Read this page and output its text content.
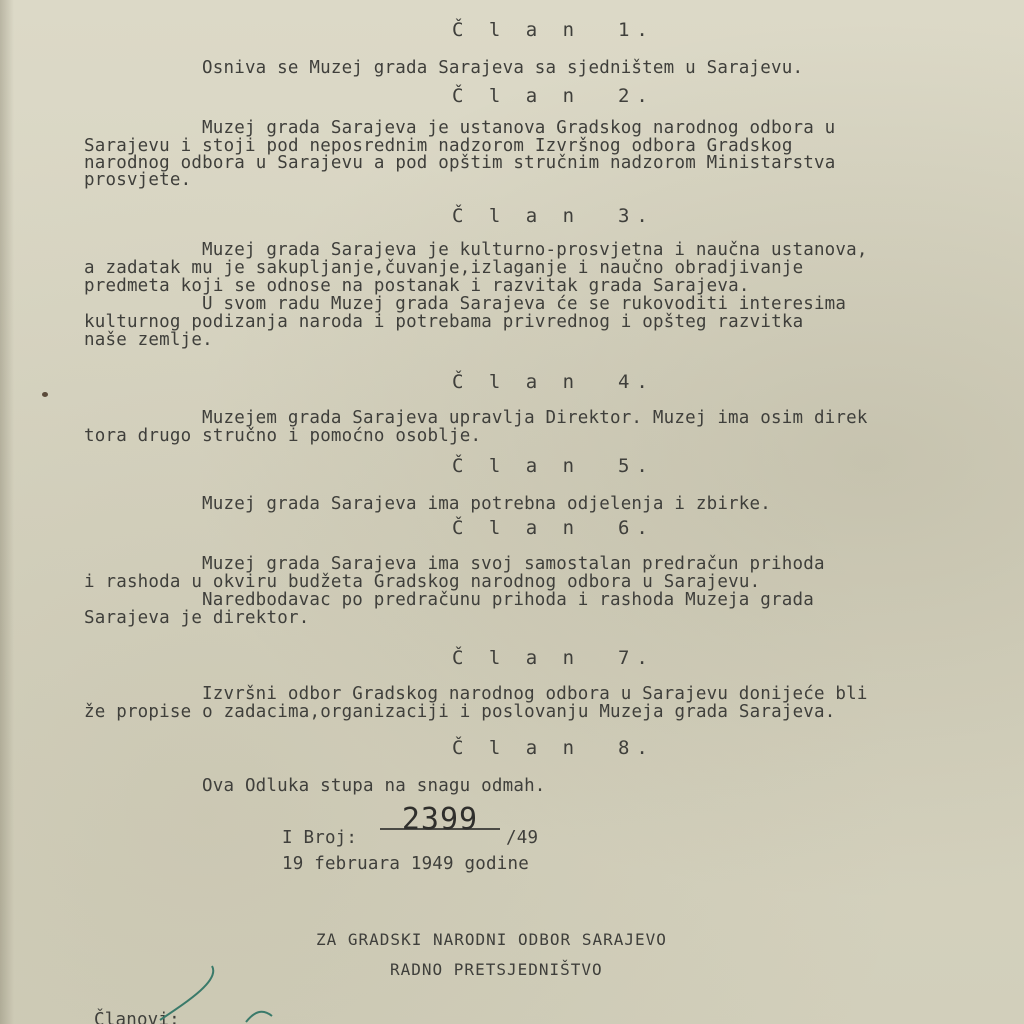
Č l a n  1.
Osniva se Muzej grada Sarajeva sa sjedništem u Sarajevu.
Č l a n  2.
Muzej grada Sarajeva je ustanova Gradskog narodnog odbora u
Sarajevu i stoji pod neposrednim nadzorom Izvršnog odbora Gradskog
narodnog odbora u Sarajevu a pod opštim stručnim nadzorom Ministarstva
prosvjete.
Č l a n  3.
Muzej grada Sarajeva je kulturno-prosvjetna i naučna ustanova,
a zadatak mu je sakupljanje,čuvanje,izlaganje i naučno obradjivanje
predmeta koji se odnose na postanak i razvitak grada Sarajeva.
U svom radu Muzej grada Sarajeva će se rukovoditi interesima
kulturnog podizanja naroda i potrebama privrednog i opšteg razvitka
naše zemlje.
Č l a n  4.
Muzejem grada Sarajeva upravlja Direktor. Muzej ima osim direk
tora drugo stručno i pomoćno osoblje.
Č l a n  5.
Muzej grada Sarajeva ima potrebna odjelenja i zbirke.
Č l a n  6.
Muzej grada Sarajeva ima svoj samostalan predračun prihoda
i rashoda u okviru budžeta Gradskog narodnog odbora u Sarajevu.
Naredbodavac po predračunu prihoda i rashoda Muzeja grada
Sarajeva je direktor.
Č l a n  7.
Izvršni odbor Gradskog narodnog odbora u Sarajevu donijeće bli
že propise o zadacima,organizaciji i poslovanju Muzeja grada Sarajeva.
Č l a n  8.
Ova Odluka stupa na snagu odmah.
I Broj:
2399
/49
19 februara 1949 godine
ZA GRADSKI NARODNI ODBOR SARAJEVO
RADNO PRETSJEDNIŠTVO
Članovi:
